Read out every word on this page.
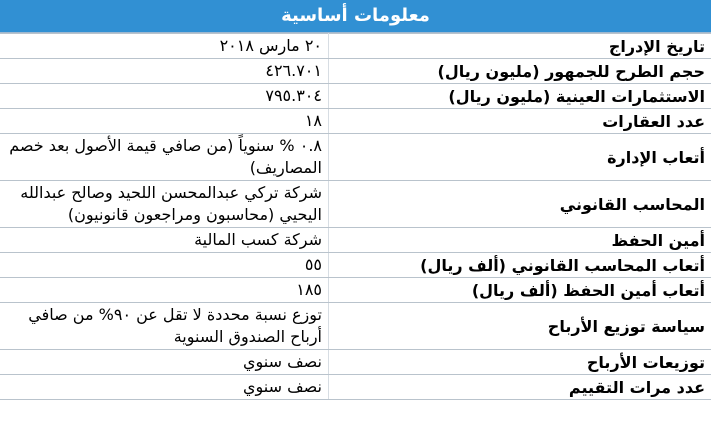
معلومات أساسية
تاريخ الإدراج	٢٠ مارس ٢٠١٨
حجم الطرح للجمهور (مليون ريال)	٤٢٦.٧٠١
الاستثمارات العينية (مليون ريال)	٧٩٥.٣٠٤
عدد العقارات	١٨
أتعاب الإدارة	٠.٨ % سنوياً (من صافي قيمة الأصول بعد خصم المصاريف)
المحاسب القانوني	شركة تركي عبدالمحسن اللحيد وصالح عبدالله اليحيي (محاسبون ومراجعون قانونيون)
أمين الحفظ	شركة كسب المالية
أتعاب المحاسب القانوني (ألف ريال)	٥٥
أتعاب أمين الحفظ (ألف ريال)	١٨٥
سياسة توزيع الأرباح	توزع نسبة محددة لا تقل عن ٩٠% من صافي أرباح الصندوق السنوية
توزيعات الأرباح	نصف سنوي
عدد مرات التقييم	نصف سنوي
